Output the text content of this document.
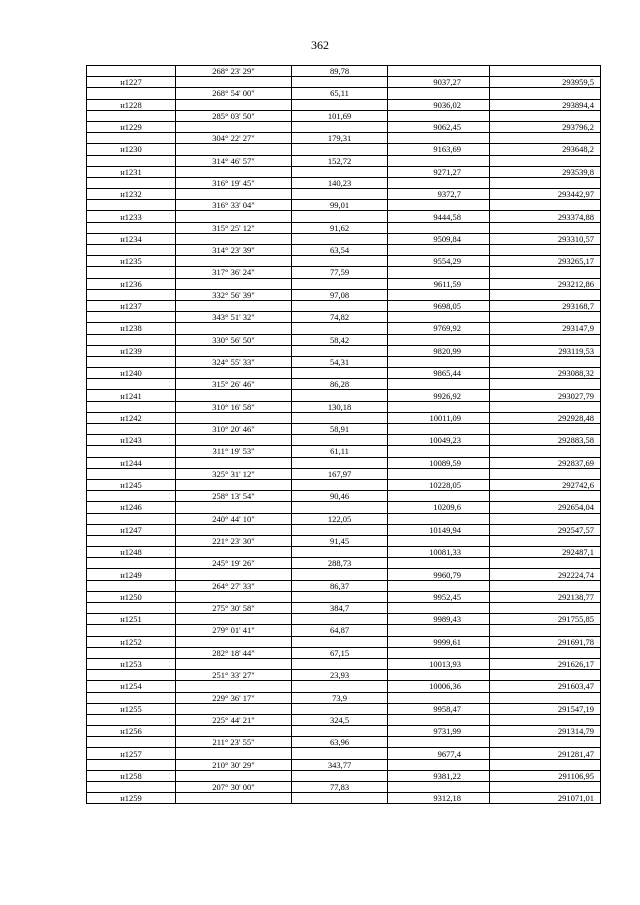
362
	268° 23' 29"	89,78		
н1227			9037,27	293959,5
	268° 54' 00"	65,11		
н1228			9036,02	293894,4
	285° 03' 50"	101,69		
н1229			9062,45	293796,2
	304° 22' 27"	179,31		
н1230			9163,69	293648,2
	314° 46' 57"	152,72		
н1231			9271,27	293539,8
	316° 19' 45"	140,23		
н1232			9372,7	293442,97
	316° 33' 04"	99,01		
н1233			9444,58	293374,88
	315° 25' 12"	91,62		
н1234			9509,84	293310,57
	314° 23' 39"	63,54		
н1235			9554,29	293265,17
	317° 36' 24"	77,59		
н1236			9611,59	293212,86
	332° 56' 39"	97,08		
н1237			9698,05	293168,7
	343° 51' 32"	74,82		
н1238			9769,92	293147,9
	330° 56' 50"	58,42		
н1239			9820,99	293119,53
	324° 55' 33"	54,31		
н1240			9865,44	293088,32
	315° 26' 46"	86,28		
н1241			9926,92	293027,79
	310° 16' 58"	130,18		
н1242			10011,09	292928,48
	310° 20' 46"	58,91		
н1243			10049,23	292883,58
	311° 19' 53"	61,11		
н1244			10089,59	292837,69
	325° 31' 12"	167,97		
н1245			10228,05	292742,6
	258° 13' 54"	90,46		
н1246			10209,6	292654,04
	240° 44' 10"	122,05		
н1247			10149,94	292547,57
	221° 23' 30"	91,45		
н1248			10081,33	292487,1
	245° 19' 26"	288,73		
н1249			9960,79	292224,74
	264° 27' 33"	86,37		
н1250			9952,45	292138,77
	275° 30' 58"	384,7		
н1251			9989,43	291755,85
	279° 01' 41"	64,87		
н1252			9999,61	291691,78
	282° 18' 44"	67,15		
н1253			10013,93	291626,17
	251° 33' 27"	23,93		
н1254			10006,36	291603,47
	229° 36' 17"	73,9		
н1255			9958,47	291547,19
	225° 44' 21"	324,5		
н1256			9731,99	291314,79
	211° 23' 55"	63,96		
н1257			9677,4	291281,47
	210° 30' 29"	343,77		
н1258			9381,22	291106,95
	207° 30' 00"	77,83		
н1259			9312,18	291071,01
